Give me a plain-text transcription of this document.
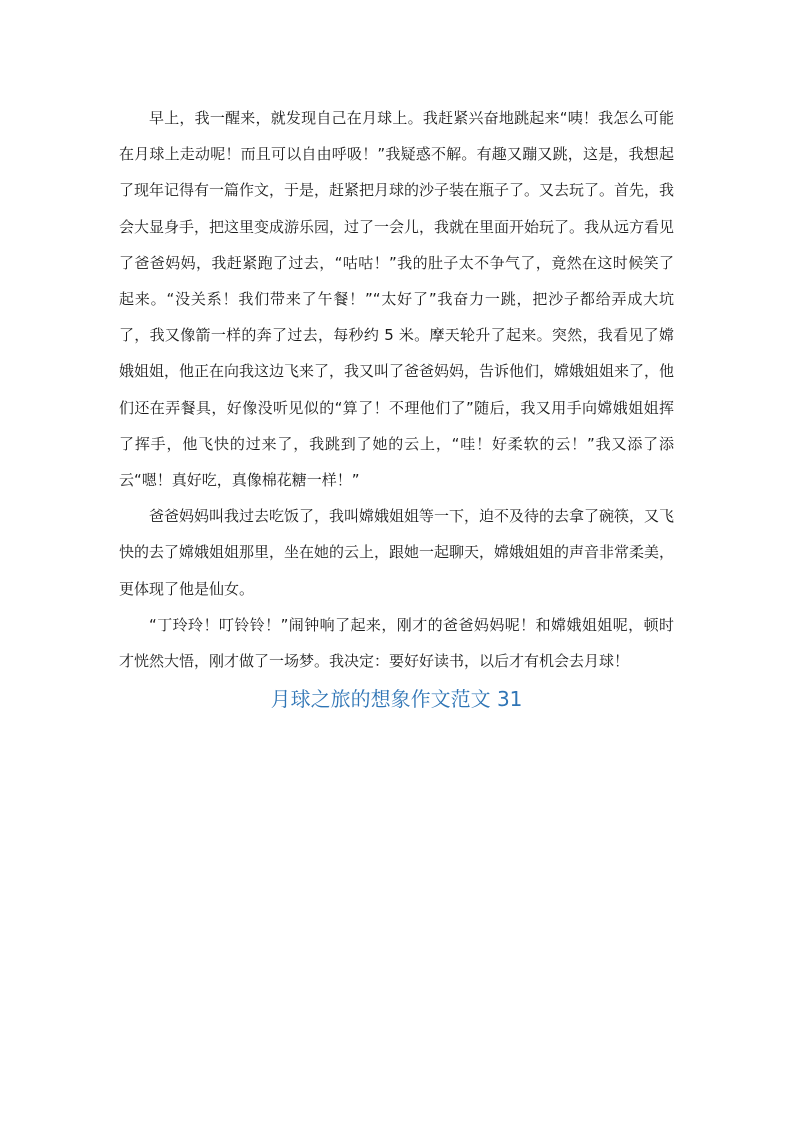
早上，我一醒来，就发现自己在月球上。我赶紧兴奋地跳起来“咦！我怎么可能在月球上走动呢！而且可以自由呼吸！”我疑惑不解。有趣又蹦又跳，这是，我想起了现年记得有一篇作文，于是，赶紧把月球的沙子装在瓶子了。又去玩了。首先，我会大显身手，把这里变成游乐园，过了一会儿，我就在里面开始玩了。我从远方看见了爸爸妈妈，我赶紧跑了过去，“咕咕！”我的肚子太不争气了，竟然在这时候笑了起来。“没关系！我们带来了午餐！”“太好了”我奋力一跳，把沙子都给弄成大坑了，我又像箭一样的奔了过去，每秒约 5 米。摩天轮升了起来。突然，我看见了嫦娥姐姐，他正在向我这边飞来了，我又叫了爸爸妈妈，告诉他们，嫦娥姐姐来了，他们还在弄餐具，好像没听见似的“算了！不理他们了”随后，我又用手向嫦娥姐姐挥了挥手，他飞快的过来了，我跳到了她的云上，“哇！好柔软的云！”我又添了添云“嗯！真好吃，真像棉花糖一样！”

爸爸妈妈叫我过去吃饭了，我叫嫦娥姐姐等一下，迫不及待的去拿了碗筷，又飞快的去了嫦娥姐姐那里，坐在她的云上，跟她一起聊天，嫦娥姐姐的声音非常柔美，更体现了他是仙女。

“丁玲玲！叮铃铃！”闹钟响了起来，刚才的爸爸妈妈呢！和嫦娥姐姐呢，顿时才恍然大悟，刚才做了一场梦。我决定：要好好读书，以后才有机会去月球！

月球之旅的想象作文范文 31
